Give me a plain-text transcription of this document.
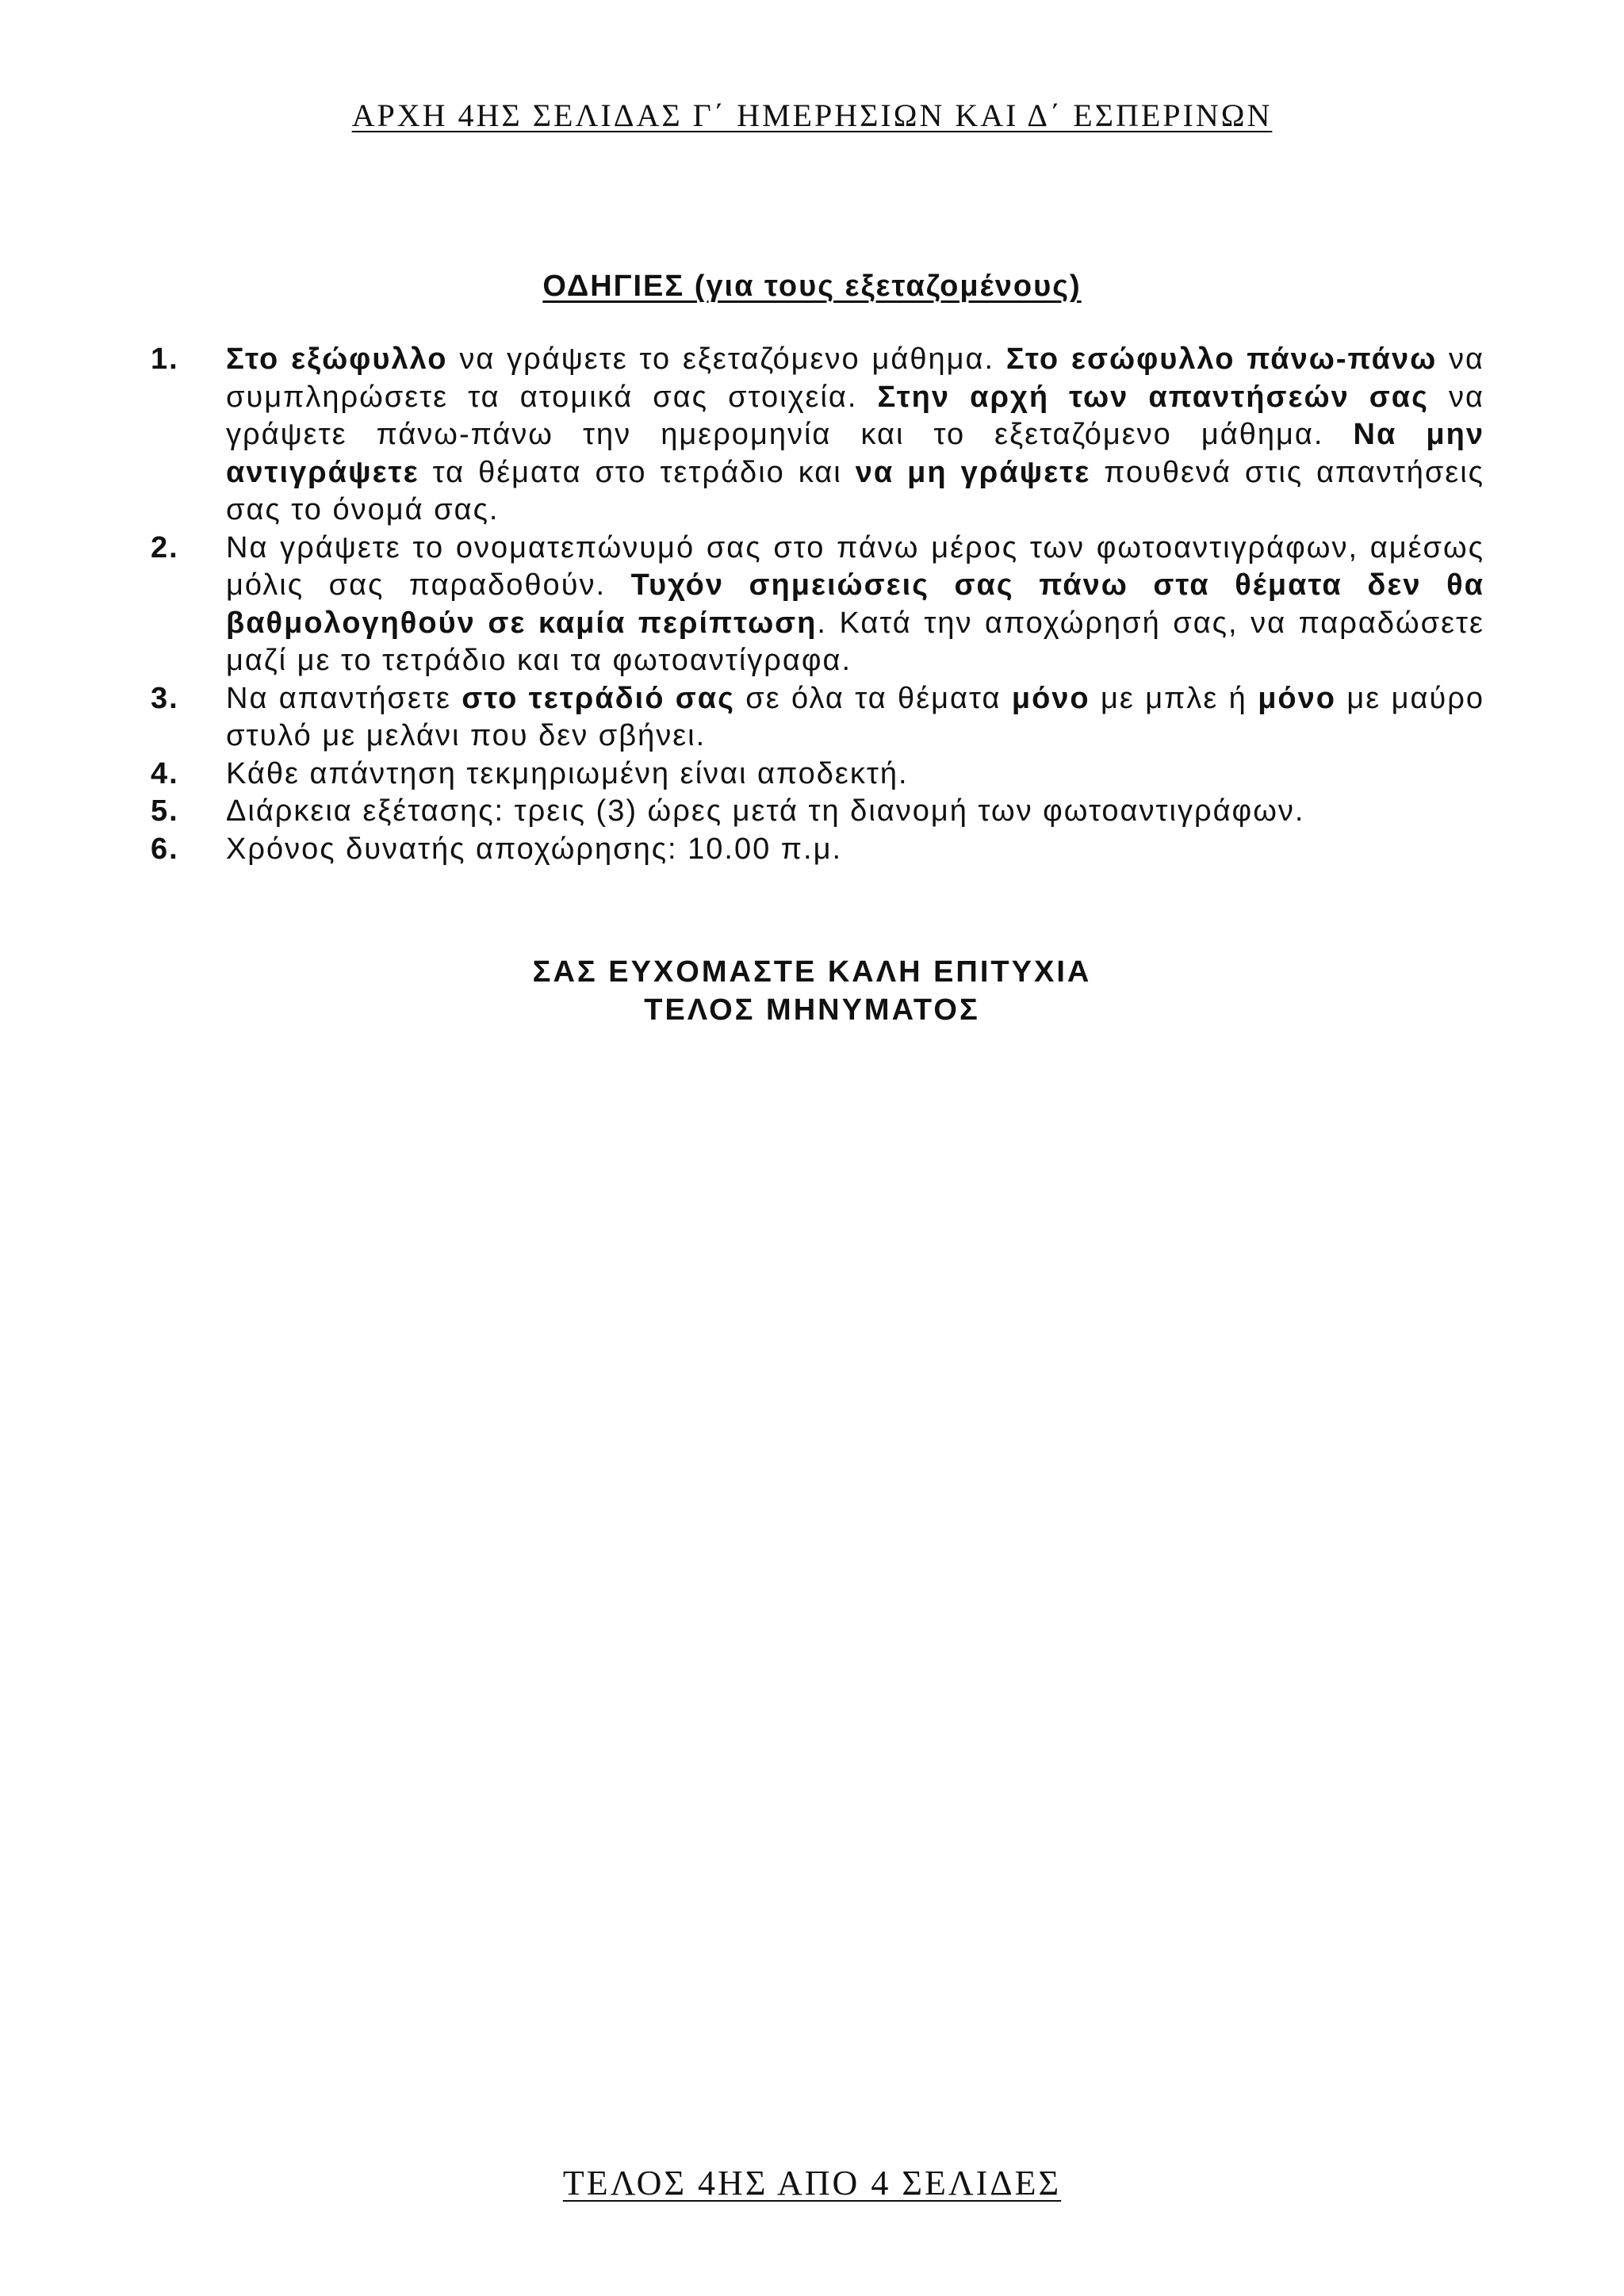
ΑΡΧΗ 4ΗΣ ΣΕΛΙΔΑΣ Γ΄ ΗΜΕΡΗΣΙΩΝ ΚΑΙ Δ΄ ΕΣΠΕΡΙΝΩΝ
ΟΔΗΓΙΕΣ (για τους εξεταζομένους)
1. Στο εξώφυλλο να γράψετε το εξεταζόμενο μάθημα. Στο εσώφυλλο πάνω-πάνω να συμπληρώσετε τα ατομικά σας στοιχεία. Στην αρχή των απαντήσεών σας να γράψετε πάνω-πάνω την ημερομηνία και το εξεταζόμενο μάθημα. Να μην αντιγράψετε τα θέματα στο τετράδιο και να μη γράψετε πουθενά στις απαντήσεις σας το όνομά σας.
2. Να γράψετε το ονοματεπώνυμό σας στο πάνω μέρος των φωτοαντιγράφων, αμέσως μόλις σας παραδοθούν. Τυχόν σημειώσεις σας πάνω στα θέματα δεν θα βαθμολογηθούν σε καμία περίπτωση. Κατά την αποχώρησή σας, να παραδώσετε μαζί με το τετράδιο και τα φωτοαντίγραφα.
3. Να απαντήσετε στο τετράδιό σας σε όλα τα θέματα μόνο με μπλε ή μόνο με μαύρο στυλό με μελάνι που δεν σβήνει.
4. Κάθε απάντηση τεκμηριωμένη είναι αποδεκτή.
5. Διάρκεια εξέτασης: τρεις (3) ώρες μετά τη διανομή των φωτοαντιγράφων.
6. Χρόνος δυνατής αποχώρησης: 10.00 π.μ.
ΣΑΣ ΕΥΧΟΜΑΣΤΕ ΚΑΛΗ ΕΠΙΤΥΧΙΑ
ΤΕΛΟΣ ΜΗΝΥΜΑΤΟΣ
ΤΕΛΟΣ 4ΗΣ ΑΠΟ 4 ΣΕΛΙΔΕΣ
